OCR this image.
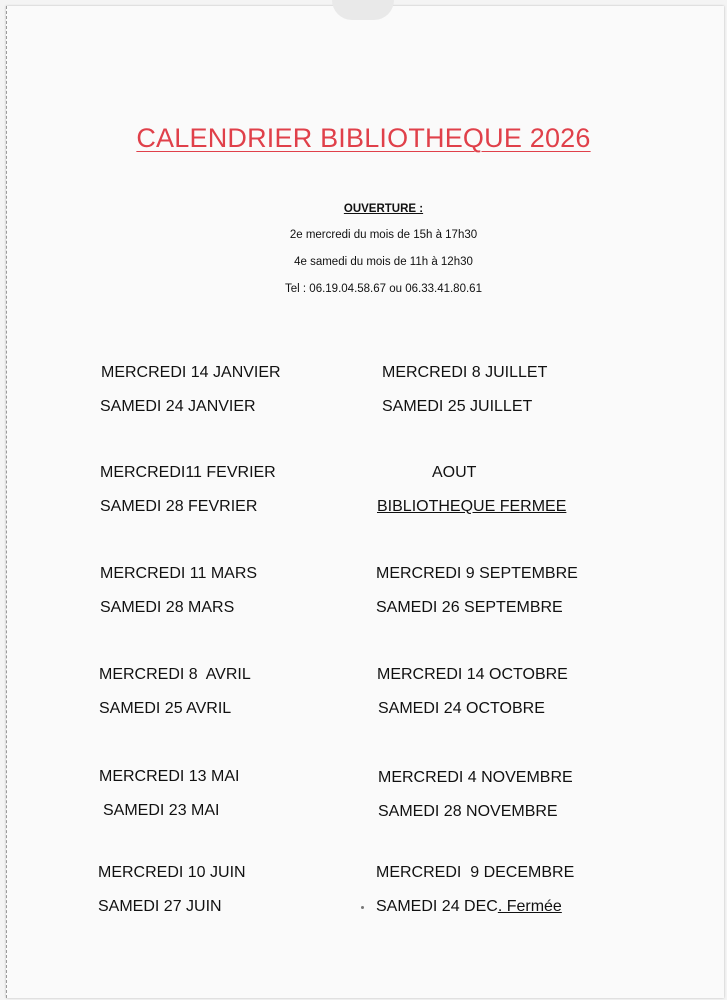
CALENDRIER BIBLIOTHEQUE 2026
OUVERTURE :
2e mercredi du mois de 15h à 17h30
4e samedi du mois de 11h à 12h30
Tel : 06.19.04.58.67 ou 06.33.41.80.61
MERCREDI 14 JANVIER
SAMEDI 24 JANVIER
MERCREDI11 FEVRIER
SAMEDI 28 FEVRIER
MERCREDI 11 MARS
SAMEDI 28 MARS
MERCREDI 8  AVRIL
SAMEDI 25 AVRIL
MERCREDI 13 MAI
SAMEDI 23 MAI
MERCREDI 10 JUIN
SAMEDI 27 JUIN
MERCREDI 8 JUILLET
SAMEDI 25 JUILLET
AOUT
BIBLIOTHEQUE FERMEE
MERCREDI 9 SEPTEMBRE
SAMEDI 26 SEPTEMBRE
MERCREDI 14 OCTOBRE
SAMEDI 24 OCTOBRE
MERCREDI 4 NOVEMBRE
SAMEDI 28 NOVEMBRE
MERCREDI  9 DECEMBRE
SAMEDI 24 DEC. Fermée
